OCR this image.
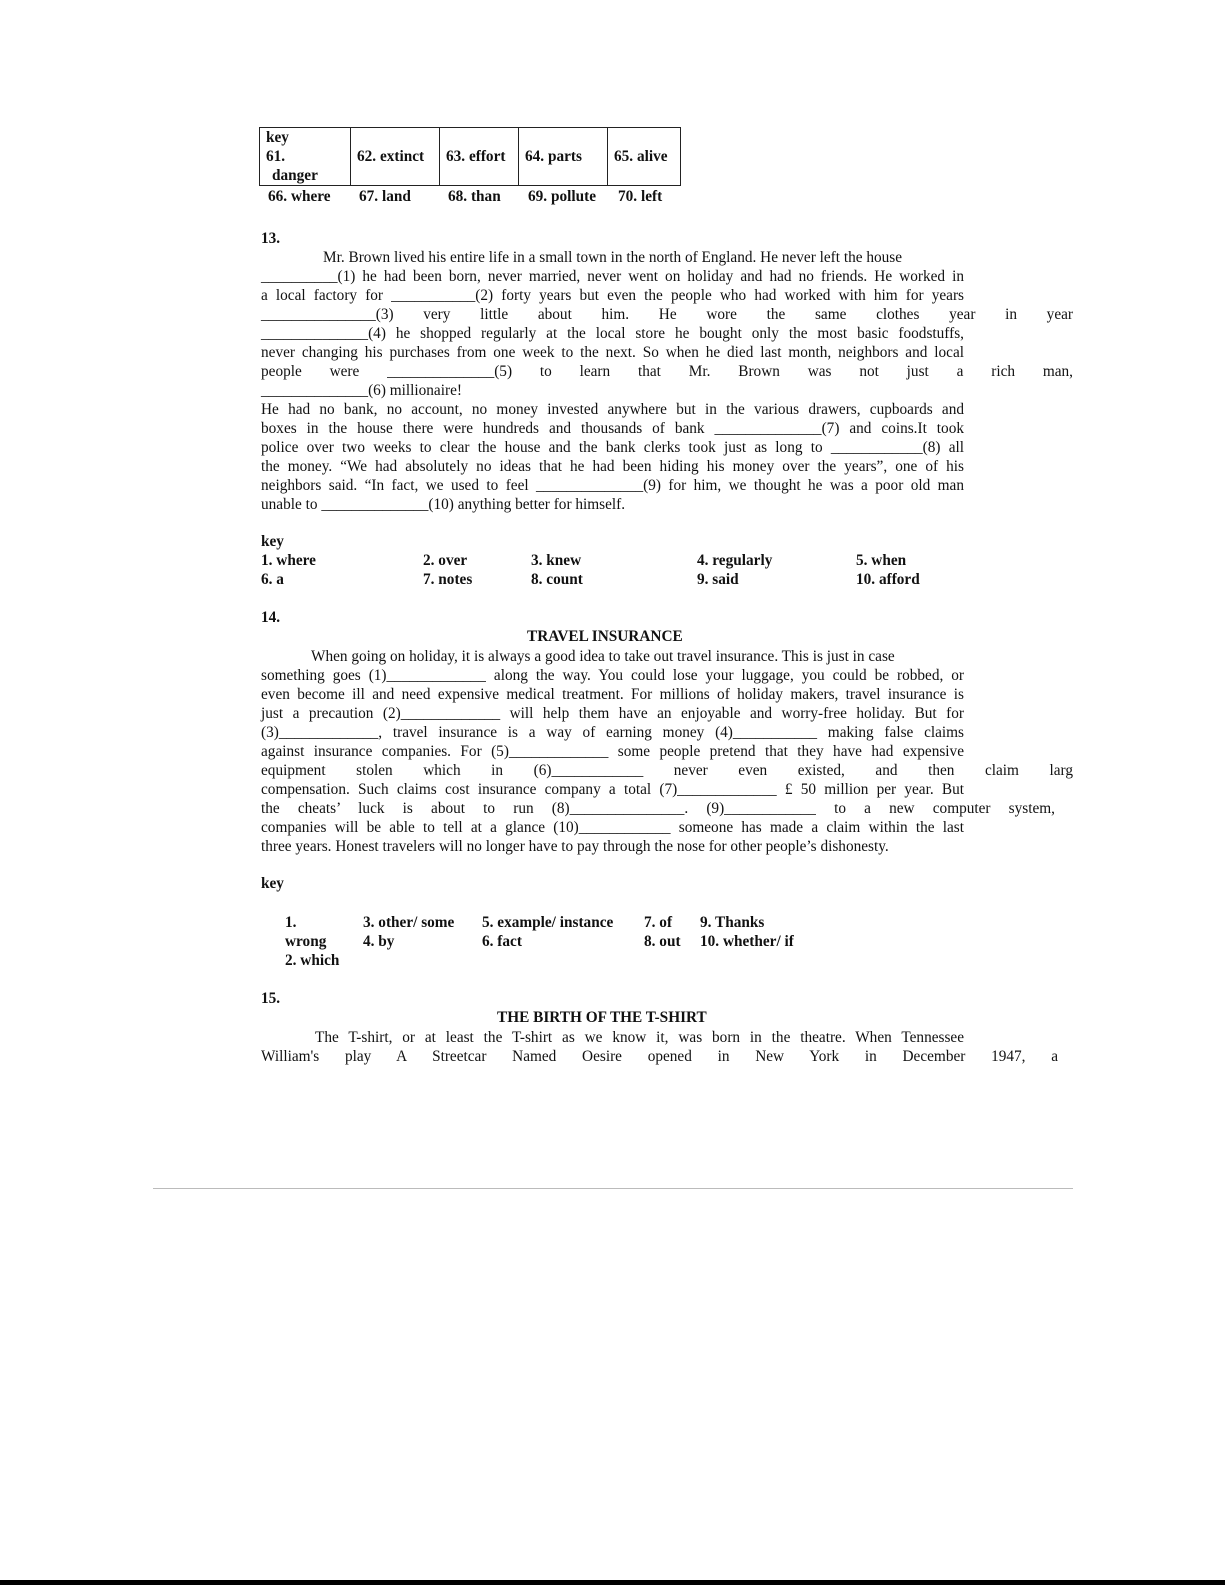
key
61.
danger
	62. extinct	63. effort	64. parts	65. alive
66. where 67. land 68. than 69. pollute 70. left
13.
Mr. Brown lived his entire life in a small town in the north of England. He never left the house
__________(1) he had been born, never married, never went on holiday and had no friends. He worked in
a local factory for ___________(2) forty years but even the people who had worked with him for years
_______________(3) very little about him. He wore the same clothes year in year
______________(4) he shopped regularly at the local store he bought only the most basic foodstuffs,
never changing his purchases from one week to the next. So when he died last month, neighbors and local
people were ______________(5) to learn that Mr. Brown was not just a rich man,
______________(6) millionaire!
He had no bank, no account, no money invested anywhere but in the various drawers, cupboards and
boxes in the house there were hundreds and thousands of bank ______________(7) and coins.It took
police over two weeks to clear the house and the bank clerks took just as long to ____________(8) all
the money. “We had absolutely no ideas that he had been hiding his money over the years”, one of his
neighbors said. “In fact, we used to feel ______________(9) for him, we thought he was a poor old man
unable to ______________(10) anything better for himself.
key
1. where	2. over	3. knew	4. regularly	5. when
6. a	7. notes	8. count	9. said	10. afford
14.
TRAVEL INSURANCE
When going on holiday, it is always a good idea to take out travel insurance. This is just in case
something goes (1)_____________ along the way. You could lose your luggage, you could be robbed, or
even become ill and need expensive medical treatment. For millions of holiday makers, travel insurance is
just a precaution (2)_____________ will help them have an enjoyable and worry-free holiday. But for
(3)_____________, travel insurance is a way of earning money (4)___________ making false claims
against insurance companies. For (5)_____________ some people pretend that they have had expensive
equipment stolen which in (6)____________ never even existed, and then claim larg
compensation. Such claims cost insurance company a total (7)_____________ £ 50 million per year. But
the cheats’ luck is about to run (8)_______________. (9)____________ to a new computer system,
companies will be able to tell at a glance (10)____________ someone has made a claim within the last
three years. Honest travelers will no longer have to pay through the nose for other people’s dishonesty.
key
1.
wrong
2. which
3. other/ some
4. by
5. example/ instance
6. fact
7. of
8. out
9. Thanks
10. whether/ if
15.
THE BIRTH OF THE T-SHIRT
The T-shirt, or at least the T-shirt as we know it, was born in the theatre. When Tennessee
William's play A Streetcar Named Oesire opened in New York in December 1947, a
